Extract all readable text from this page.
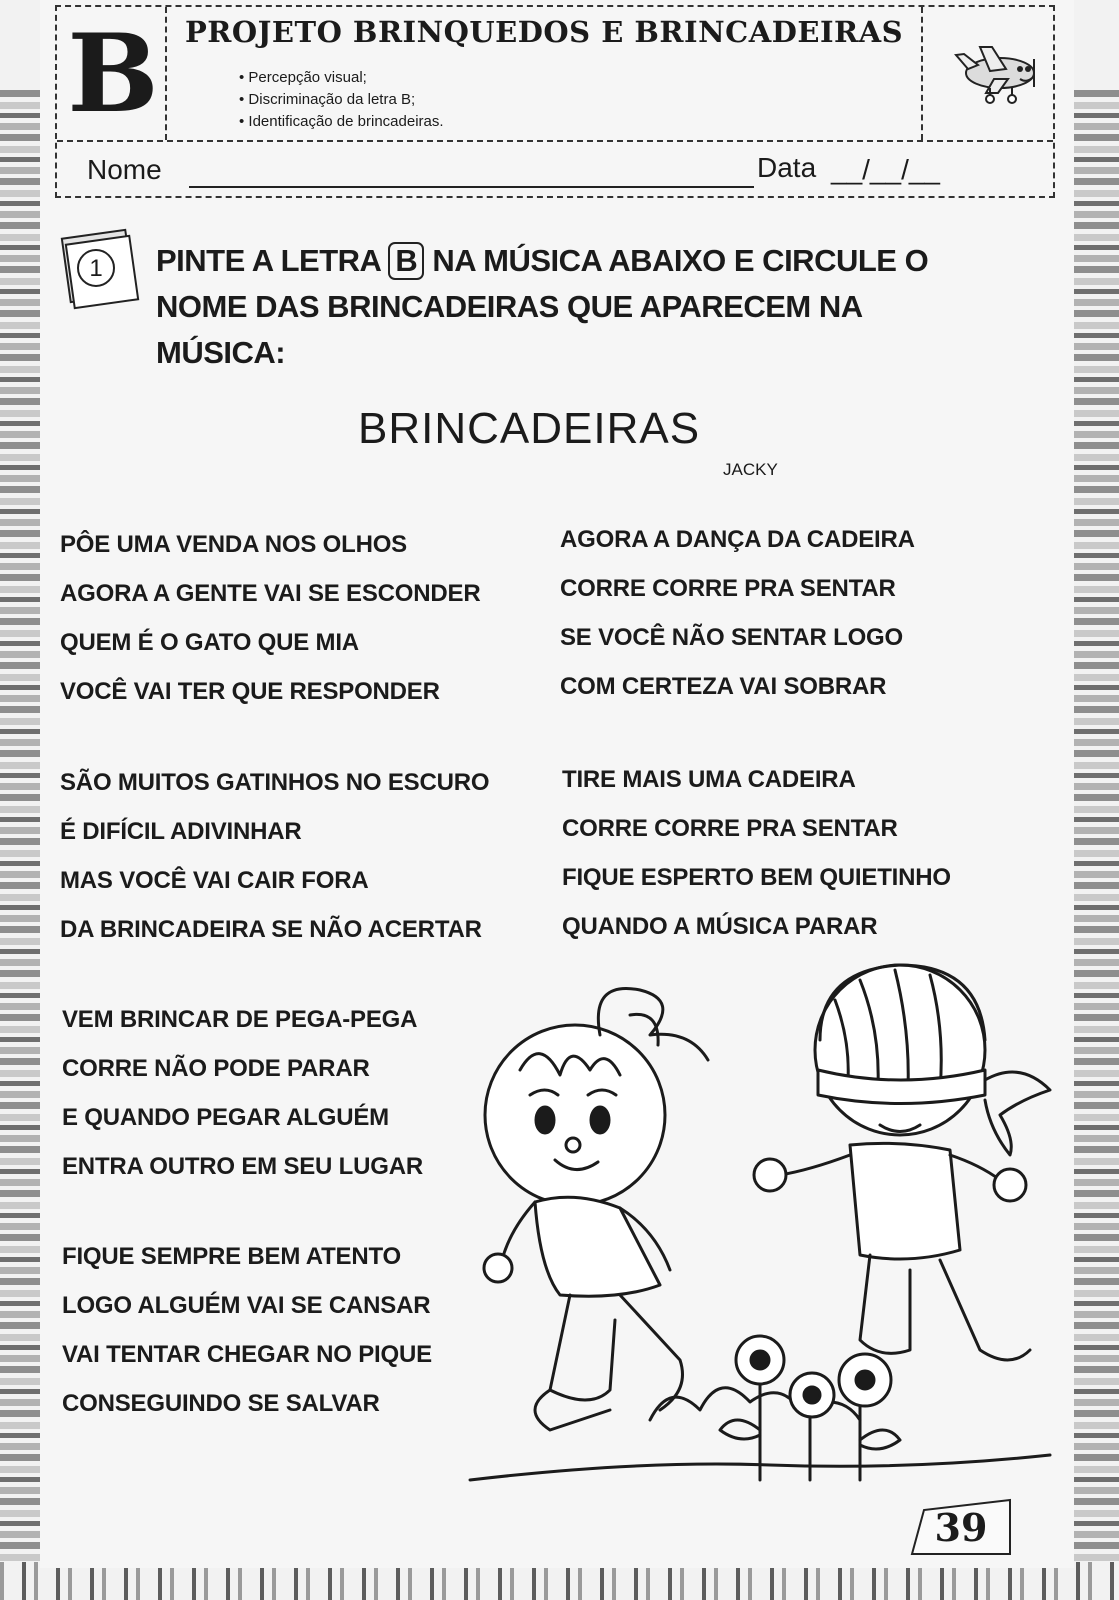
B PROJETO BRINQUEDOS E BRINCADEIRAS
• Percepção visual;
• Discriminação da letra B;
• Identificação de brincadeiras.
Nome	Data __/__/__
1 PINTE A LETRA B NA MÚSICA ABAIXO E CIRCULE O NOME DAS BRINCADEIRAS QUE APARECEM NA MÚSICA:

BRINCADEIRAS
JACKY
PÔE UMA VENDA NOS OLHOS
AGORA A GENTE VAI SE ESCONDER
QUEM É O GATO QUE MIA
VOCÊ VAI TER QUE RESPONDER
AGORA A DANÇA DA CADEIRA
CORRE CORRE PRA SENTAR
SE VOCÊ NÃO SENTAR LOGO
COM CERTEZA VAI SOBRAR
SÃO MUITOS GATINHOS NO ESCURO
É DIFÍCIL ADIVINHAR
MAS VOCÊ VAI CAIR FORA
DA BRINCADEIRA SE NÃO ACERTAR
TIRE MAIS UMA CADEIRA
CORRE CORRE PRA SENTAR
FIQUE ESPERTO BEM QUIETINHO
QUANDO A MÚSICA PARAR
VEM BRINCAR DE PEGA-PEGA
CORRE NÃO PODE PARAR
E QUANDO PEGAR ALGUÉM
ENTRA OUTRO EM SEU LUGAR
FIQUE SEMPRE BEM ATENTO
LOGO ALGUÉM VAI SE CANSAR
VAI TENTAR CHEGAR NO PIQUE
CONSEGUINDO SE SALVAR
39
